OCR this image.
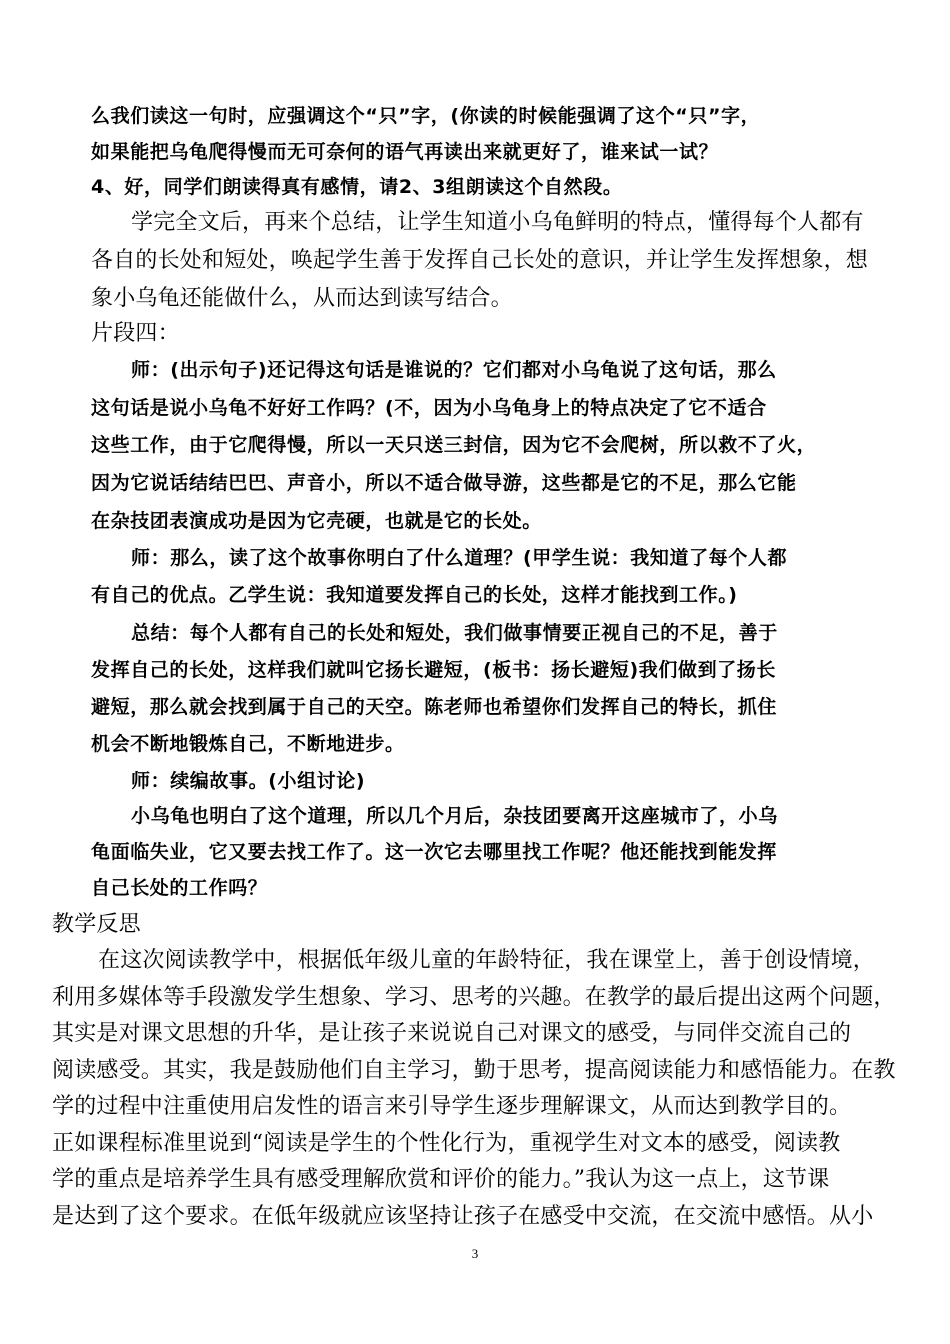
么我们读这一句时，应强调这个“只”字，(你读的时候能强调了这个“只”字，
如果能把乌龟爬得慢而无可奈何的语气再读出来就更好了，谁来试一试？
4、好，同学们朗读得真有感情，请2、3组朗读这个自然段。
学完全文后，再来个总结，让学生知道小乌龟鲜明的特点，懂得每个人都有
各自的长处和短处，唤起学生善于发挥自己长处的意识，并让学生发挥想象，想
象小乌龟还能做什么，从而达到读写结合。
片段四：
师：(出示句子)还记得这句话是谁说的？它们都对小乌龟说了这句话，那么
这句话是说小乌龟不好好工作吗？(不，因为小乌龟身上的特点决定了它不适合
这些工作，由于它爬得慢，所以一天只送三封信，因为它不会爬树，所以救不了火，
因为它说话结结巴巴、声音小，所以不适合做导游，这些都是它的不足，那么它能
在杂技团表演成功是因为它壳硬，也就是它的长处。
师：那么，读了这个故事你明白了什么道理？(甲学生说：我知道了每个人都
有自己的优点。乙学生说：我知道要发挥自己的长处，这样才能找到工作。)
总结：每个人都有自己的长处和短处，我们做事情要正视自己的不足，善于
发挥自己的长处，这样我们就叫它扬长避短，(板书：扬长避短)我们做到了扬长
避短，那么就会找到属于自己的天空。陈老师也希望你们发挥自己的特长，抓住
机会不断地锻炼自己，不断地进步。
师：续编故事。(小组讨论)
小乌龟也明白了这个道理，所以几个月后，杂技团要离开这座城市了，小乌
龟面临失业，它又要去找工作了。这一次它去哪里找工作呢？他还能找到能发挥
自己长处的工作吗？
教学反思
在这次阅读教学中，根据低年级儿童的年龄特征，我在课堂上，善于创设情境，
利用多媒体等手段激发学生想象、学习、思考的兴趣。在教学的最后提出这两个问题，
其实是对课文思想的升华，是让孩子来说说自己对课文的感受，与同伴交流自己的
阅读感受。其实，我是鼓励他们自主学习，勤于思考，提高阅读能力和感悟能力。在教
学的过程中注重使用启发性的语言来引导学生逐步理解课文，从而达到教学目的。
正如课程标准里说到“阅读是学生的个性化行为，重视学生对文本的感受，阅读教
学的重点是培养学生具有感受理解欣赏和评价的能力。”我认为这一点上，这节课
是达到了这个要求。在低年级就应该坚持让孩子在感受中交流，在交流中感悟。从小
3
